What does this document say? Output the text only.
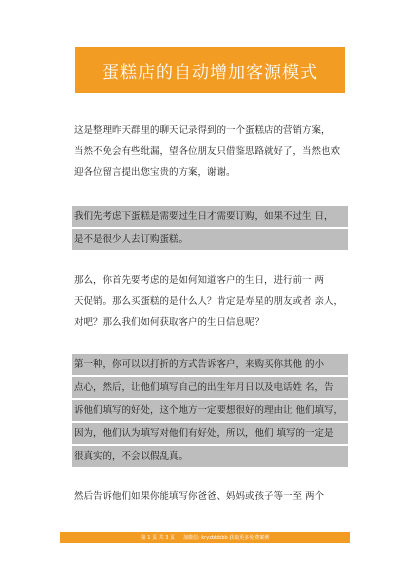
蛋糕店的自动增加客源模式
这是整理昨天群里的聊天记录得到的一个蛋糕店的营销方案，
当然不免会有些纰漏，望各位朋友只借鉴思路就好了，当然也欢
迎各位留言提出您宝贵的方案，谢谢。
我们先考虑下蛋糕是需要过生日才需要订购，如果不过生 日，
是不是很少人去订购蛋糕。
那么，你首先要考虑的是如何知道客户的生日，进行前一 两
天促销。那么买蛋糕的是什么人？肯定是寿星的朋友或者 亲人，
对吧？那么我们如何获取客户的生日信息呢？
第一种，你可以以打折的方式告诉客户，来购买你其他 的小
点心，然后，让他们填写自己的出生年月日以及电话姓 名，告
诉他们填写的好处，这个地方一定要想很好的理由让 他们填写，
因为，他们认为填写对他们有好处，所以，他们 填写的一定是
很真实的，不会以假乱真。
然后告诉他们如果你能填写你爸爸、妈妈或孩子等一至 两个
第 1 页 共 3 页 加微信: kryzbbbbb 获取更多免费案例
